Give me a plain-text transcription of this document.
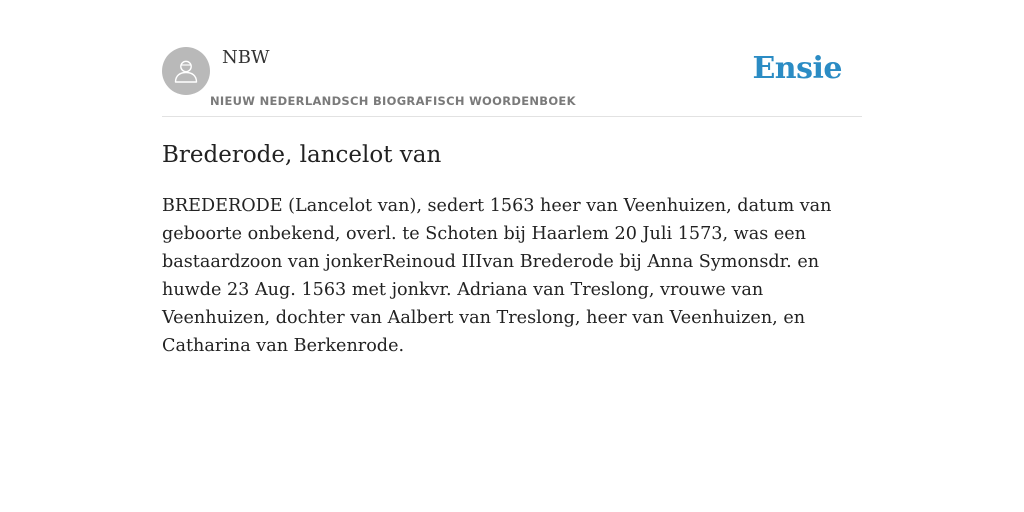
NBW
NIEUW NEDERLANDSCH BIOGRAFISCH WOORDENBOEK
Ensie
Brederode, lancelot van

BREDERODE (Lancelot van), sedert 1563 heer van Veenhuizen, datum van geboorte onbekend, overl. te Schoten bij Haarlem 20 Juli 1573, was een bastaardzoon van jonkerReinoud IIIvan Brederode bij Anna Symonsdr. en huwde 23 Aug. 1563 met jonkvr. Adriana van Treslong, vrouwe van Veenhuizen, dochter van Aalbert van Treslong, heer van Veenhuizen, en Catharina van Berkenrode.
